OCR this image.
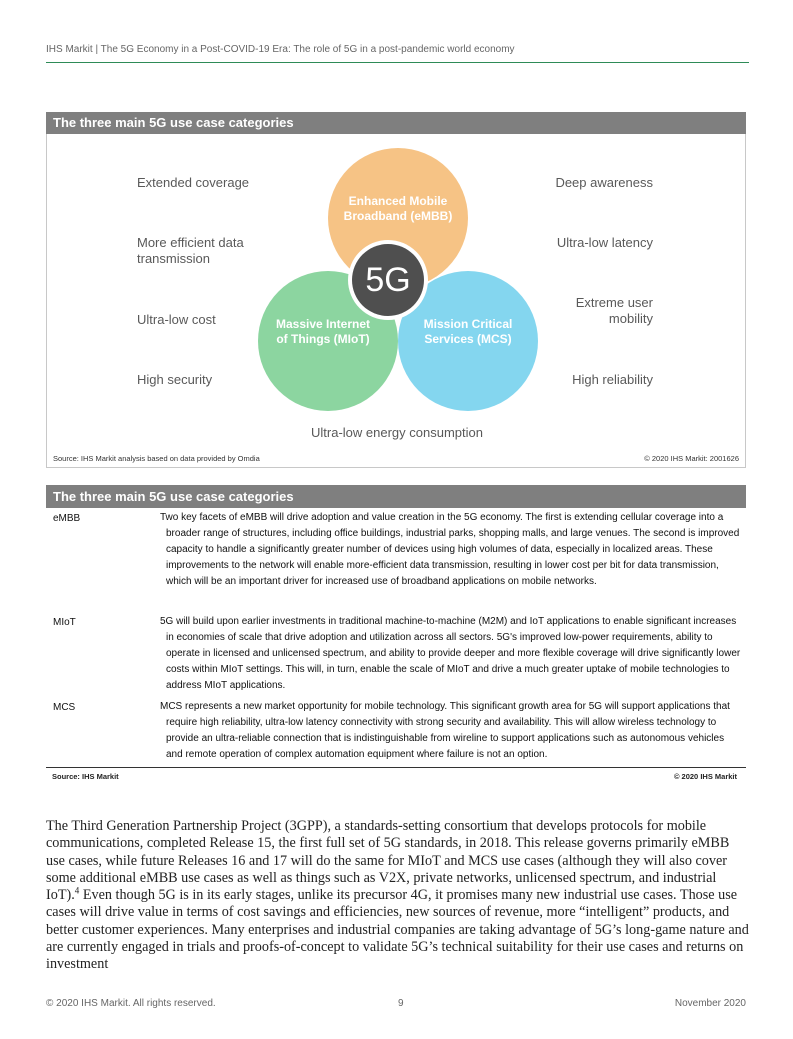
IHS Markit | The 5G Economy in a Post-COVID-19 Era: The role of 5G in a post-pandemic world economy
The three main 5G use case categories
Extended coverage
More efficient data transmission
Ultra-low cost
High security
Deep awareness
Ultra-low latency
Extreme user mobility
High reliability
Ultra-low energy consumption
Enhanced Mobile Broadband (eMBB)
Massive Internet of Things (MIoT)
Mission Critical Services (MCS)
5G
Source: IHS Markit analysis based on data provided by Omdia	© 2020 IHS Markit: 2001626
The three main 5G use case categories
eMBB	Two key facets of eMBB will drive adoption and value creation in the 5G economy. The first is extending cellular coverage into a broader range of structures, including office buildings, industrial parks, shopping malls, and large venues. The second is improved capacity to handle a significantly greater number of devices using high volumes of data, especially in localized areas. These improvements to the network will enable more-efficient data transmission, resulting in lower cost per bit for data transmission, which will be an important driver for increased use of broadband applications on mobile networks.

MIoT	5G will build upon earlier investments in traditional machine-to-machine (M2M) and IoT applications to enable significant increases in economies of scale that drive adoption and utilization across all sectors. 5G's improved low-power requirements, ability to operate in licensed and unlicensed spectrum, and ability to provide deeper and more flexible coverage will drive significantly lower costs within MIoT settings. This will, in turn, enable the scale of MIoT and drive a much greater uptake of mobile technologies to address MIoT applications.

MCS	MCS represents a new market opportunity for mobile technology. This significant growth area for 5G will support applications that require high reliability, ultra-low latency connectivity with strong security and availability. This will allow wireless technology to provide an ultra-reliable connection that is indistinguishable from wireline to support applications such as autonomous vehicles and remote operation of complex automation equipment where failure is not an option.

Source: IHS Markit	© 2020 IHS Markit
The Third Generation Partnership Project (3GPP), a standards-setting consortium that develops protocols for mobile communications, completed Release 15, the first full set of 5G standards, in 2018. This release governs primarily eMBB use cases, while future Releases 16 and 17 will do the same for MIoT and MCS use cases (although they will also cover some additional eMBB use cases as well as things such as V2X, private networks, unlicensed spectrum, and industrial IoT).$^4$ Even though 5G is in its early stages, unlike its precursor 4G, it promises many new industrial use cases. Those use cases will drive value in terms of cost savings and efficiencies, new sources of revenue, more “intelligent” products, and better customer experiences. Many enterprises and industrial companies are taking advantage of 5G’s long-game nature and are currently engaged in trials and proofs-of-concept to validate 5G’s technical suitability for their use cases and returns on investment
© 2020 IHS Markit. All rights reserved.	9	November 2020
